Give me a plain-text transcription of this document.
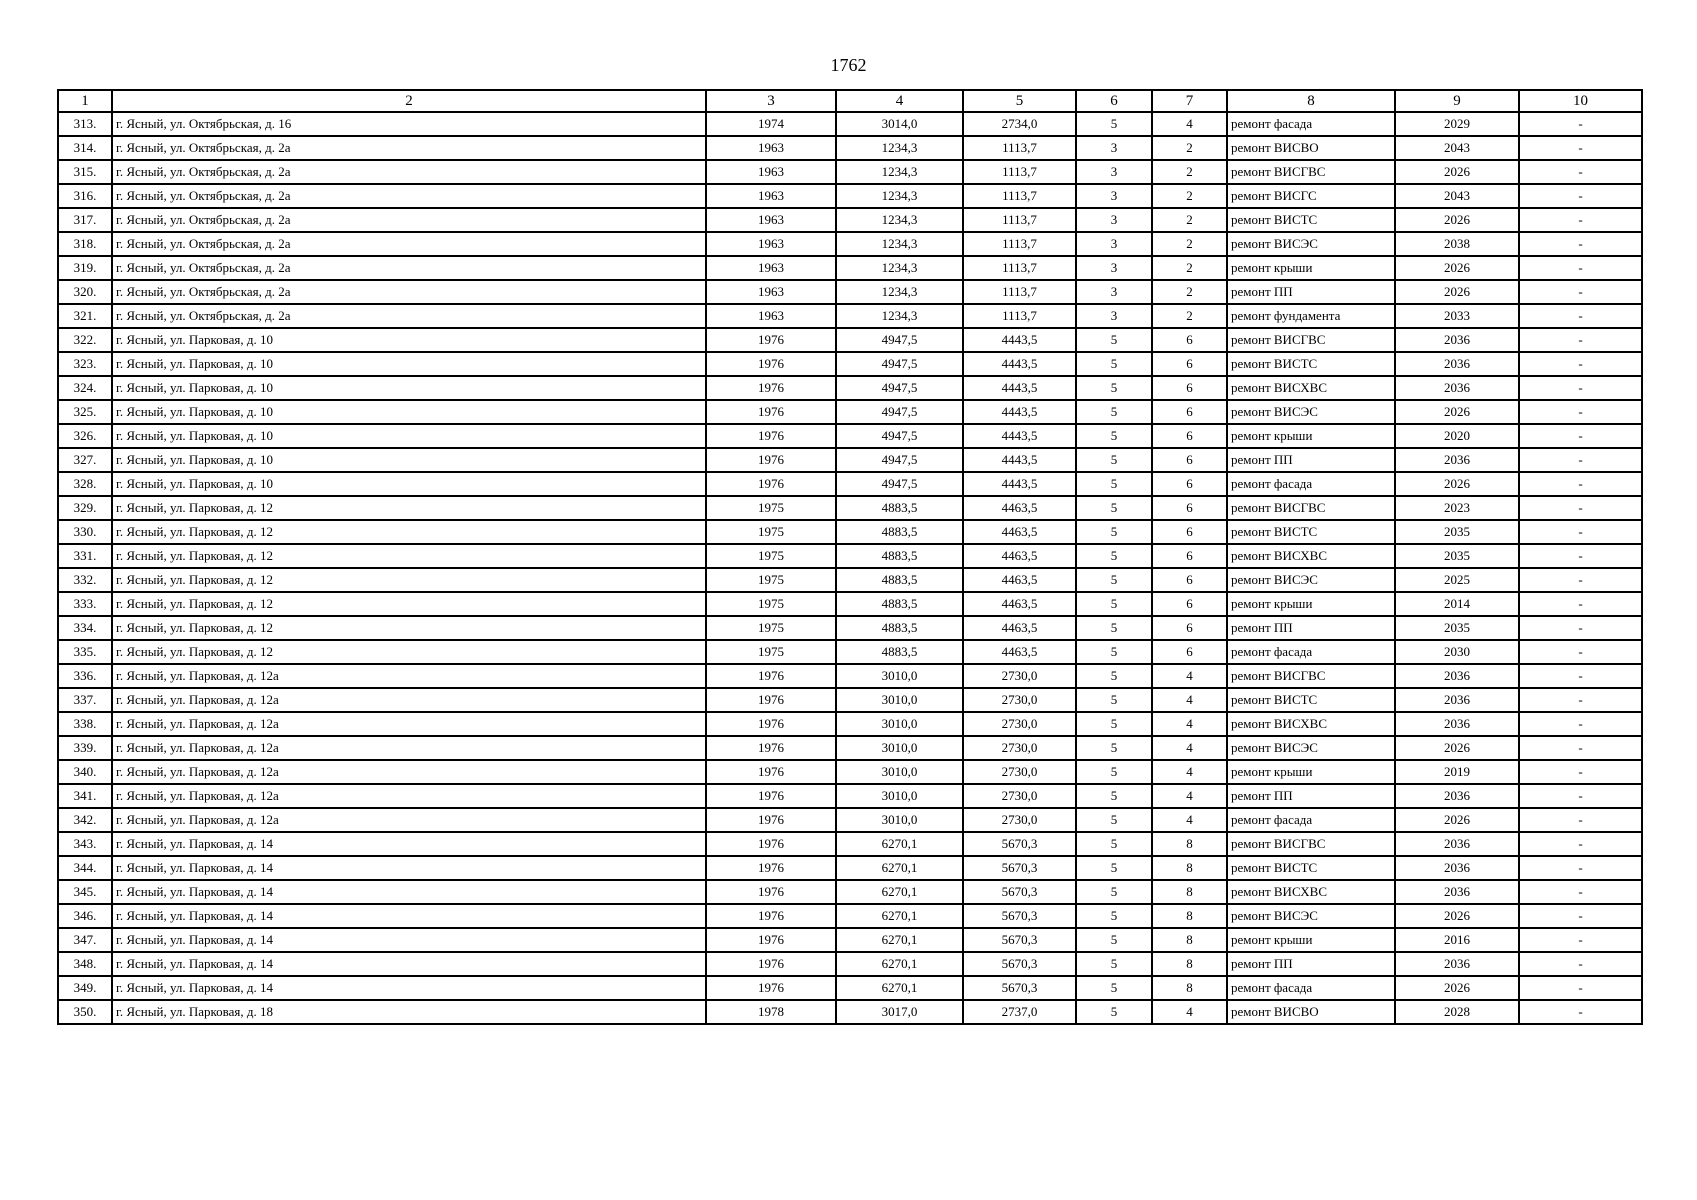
1762
1	2	3	4	5	6	7	8	9	10
313.	г. Ясный, ул. Октябрьская, д. 16	1974	3014,0	2734,0	5	4	ремонт фасада	2029	-
314.	г. Ясный, ул. Октябрьская, д. 2а	1963	1234,3	1113,7	3	2	ремонт ВИСВО	2043	-
315.	г. Ясный, ул. Октябрьская, д. 2а	1963	1234,3	1113,7	3	2	ремонт ВИСГВС	2026	-
316.	г. Ясный, ул. Октябрьская, д. 2а	1963	1234,3	1113,7	3	2	ремонт ВИСГС	2043	-
317.	г. Ясный, ул. Октябрьская, д. 2а	1963	1234,3	1113,7	3	2	ремонт ВИСТС	2026	-
318.	г. Ясный, ул. Октябрьская, д. 2а	1963	1234,3	1113,7	3	2	ремонт ВИСЭС	2038	-
319.	г. Ясный, ул. Октябрьская, д. 2а	1963	1234,3	1113,7	3	2	ремонт крыши	2026	-
320.	г. Ясный, ул. Октябрьская, д. 2а	1963	1234,3	1113,7	3	2	ремонт ПП	2026	-
321.	г. Ясный, ул. Октябрьская, д. 2а	1963	1234,3	1113,7	3	2	ремонт фундамента	2033	-
322.	г. Ясный, ул. Парковая, д. 10	1976	4947,5	4443,5	5	6	ремонт ВИСГВС	2036	-
323.	г. Ясный, ул. Парковая, д. 10	1976	4947,5	4443,5	5	6	ремонт ВИСТС	2036	-
324.	г. Ясный, ул. Парковая, д. 10	1976	4947,5	4443,5	5	6	ремонт ВИСХВС	2036	-
325.	г. Ясный, ул. Парковая, д. 10	1976	4947,5	4443,5	5	6	ремонт ВИСЭС	2026	-
326.	г. Ясный, ул. Парковая, д. 10	1976	4947,5	4443,5	5	6	ремонт крыши	2020	-
327.	г. Ясный, ул. Парковая, д. 10	1976	4947,5	4443,5	5	6	ремонт ПП	2036	-
328.	г. Ясный, ул. Парковая, д. 10	1976	4947,5	4443,5	5	6	ремонт фасада	2026	-
329.	г. Ясный, ул. Парковая, д. 12	1975	4883,5	4463,5	5	6	ремонт ВИСГВС	2023	-
330.	г. Ясный, ул. Парковая, д. 12	1975	4883,5	4463,5	5	6	ремонт ВИСТС	2035	-
331.	г. Ясный, ул. Парковая, д. 12	1975	4883,5	4463,5	5	6	ремонт ВИСХВС	2035	-
332.	г. Ясный, ул. Парковая, д. 12	1975	4883,5	4463,5	5	6	ремонт ВИСЭС	2025	-
333.	г. Ясный, ул. Парковая, д. 12	1975	4883,5	4463,5	5	6	ремонт крыши	2014	-
334.	г. Ясный, ул. Парковая, д. 12	1975	4883,5	4463,5	5	6	ремонт ПП	2035	-
335.	г. Ясный, ул. Парковая, д. 12	1975	4883,5	4463,5	5	6	ремонт фасада	2030	-
336.	г. Ясный, ул. Парковая, д. 12а	1976	3010,0	2730,0	5	4	ремонт ВИСГВС	2036	-
337.	г. Ясный, ул. Парковая, д. 12а	1976	3010,0	2730,0	5	4	ремонт ВИСТС	2036	-
338.	г. Ясный, ул. Парковая, д. 12а	1976	3010,0	2730,0	5	4	ремонт ВИСХВС	2036	-
339.	г. Ясный, ул. Парковая, д. 12а	1976	3010,0	2730,0	5	4	ремонт ВИСЭС	2026	-
340.	г. Ясный, ул. Парковая, д. 12а	1976	3010,0	2730,0	5	4	ремонт крыши	2019	-
341.	г. Ясный, ул. Парковая, д. 12а	1976	3010,0	2730,0	5	4	ремонт ПП	2036	-
342.	г. Ясный, ул. Парковая, д. 12а	1976	3010,0	2730,0	5	4	ремонт фасада	2026	-
343.	г. Ясный, ул. Парковая, д. 14	1976	6270,1	5670,3	5	8	ремонт ВИСГВС	2036	-
344.	г. Ясный, ул. Парковая, д. 14	1976	6270,1	5670,3	5	8	ремонт ВИСТС	2036	-
345.	г. Ясный, ул. Парковая, д. 14	1976	6270,1	5670,3	5	8	ремонт ВИСХВС	2036	-
346.	г. Ясный, ул. Парковая, д. 14	1976	6270,1	5670,3	5	8	ремонт ВИСЭС	2026	-
347.	г. Ясный, ул. Парковая, д. 14	1976	6270,1	5670,3	5	8	ремонт крыши	2016	-
348.	г. Ясный, ул. Парковая, д. 14	1976	6270,1	5670,3	5	8	ремонт ПП	2036	-
349.	г. Ясный, ул. Парковая, д. 14	1976	6270,1	5670,3	5	8	ремонт фасада	2026	-
350.	г. Ясный, ул. Парковая, д. 18	1978	3017,0	2737,0	5	4	ремонт ВИСВО	2028	-
